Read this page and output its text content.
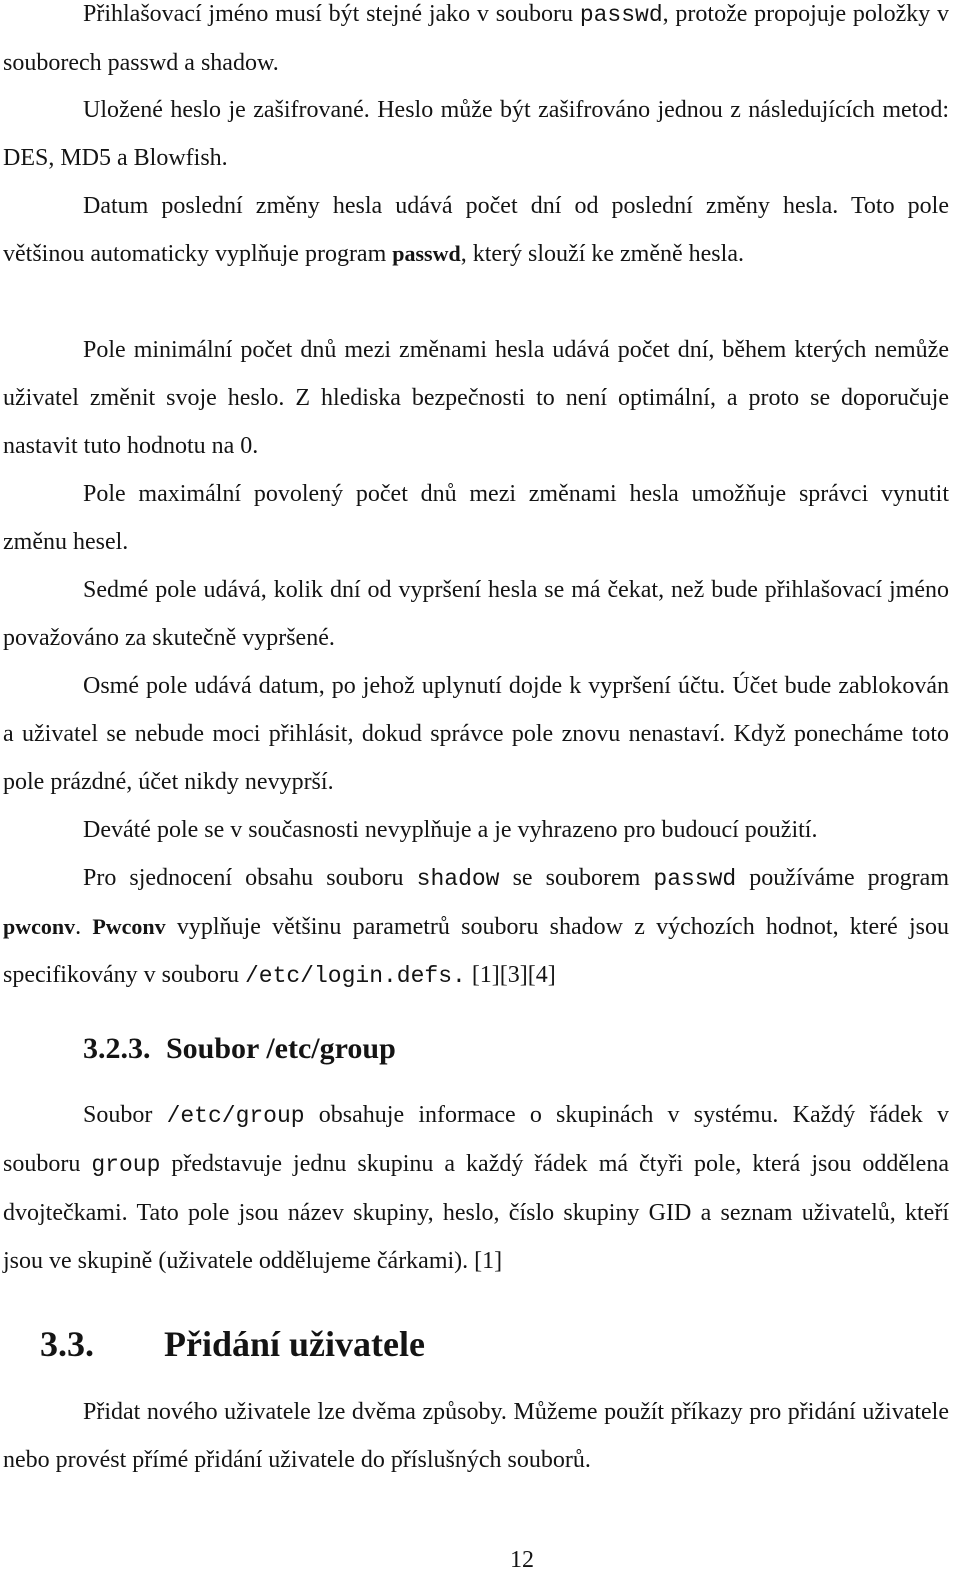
Přihlašovací jméno musí být stejné jako v souboru passwd, protože propojuje položky v souborech passwd a shadow.

Uložené heslo je zašifrované. Heslo může být zašifrováno jednou z následujících metod: DES, MD5 a Blowfish.

Datum poslední změny hesla udává počet dní od poslední změny hesla. Toto pole většinou automaticky vyplňuje program passwd, který slouží ke změně hesla.

Pole minimální počet dnů mezi změnami hesla udává počet dní, během kterých nemůže uživatel změnit svoje heslo. Z hlediska bezpečnosti to není optimální, a proto se doporučuje nastavit tuto hodnotu na 0.

Pole maximální povolený počet dnů mezi změnami hesla umožňuje správci vynutit změnu hesel.

Sedmé pole udává, kolik dní od vypršení hesla se má čekat, než bude přihlašovací jméno považováno za skutečně vypršené.

Osmé pole udává datum, po jehož uplynutí dojde k vypršení účtu. Účet bude zablokován a uživatel se nebude moci přihlásit, dokud správce pole znovu nenastaví. Když ponecháme toto pole prázdné, účet nikdy nevyprší.

Deváté pole se v současnosti nevyplňuje a je vyhrazeno pro budoucí použití.

Pro sjednocení obsahu souboru shadow se souborem passwd používáme program pwconv. Pwconv vyplňuje většinu parametrů souboru shadow z výchozích hodnot, které jsou specifikovány v souboru /etc/login.defs. [1][3][4]

3.2.3. Soubor /etc/group

Soubor /etc/group obsahuje informace o skupinách v systému. Každý řádek v souboru group představuje jednu skupinu a každý řádek má čtyři pole, která jsou oddělena dvojtečkami. Tato pole jsou název skupiny, heslo, číslo skupiny GID a seznam uživatelů, kteří jsou ve skupině (uživatele oddělujeme čárkami). [1]

3.3. Přidání uživatele

Přidat nového uživatele lze dvěma způsoby. Můžeme použít příkazy pro přidání uživatele nebo provést přímé přidání uživatele do příslušných souborů.

12
